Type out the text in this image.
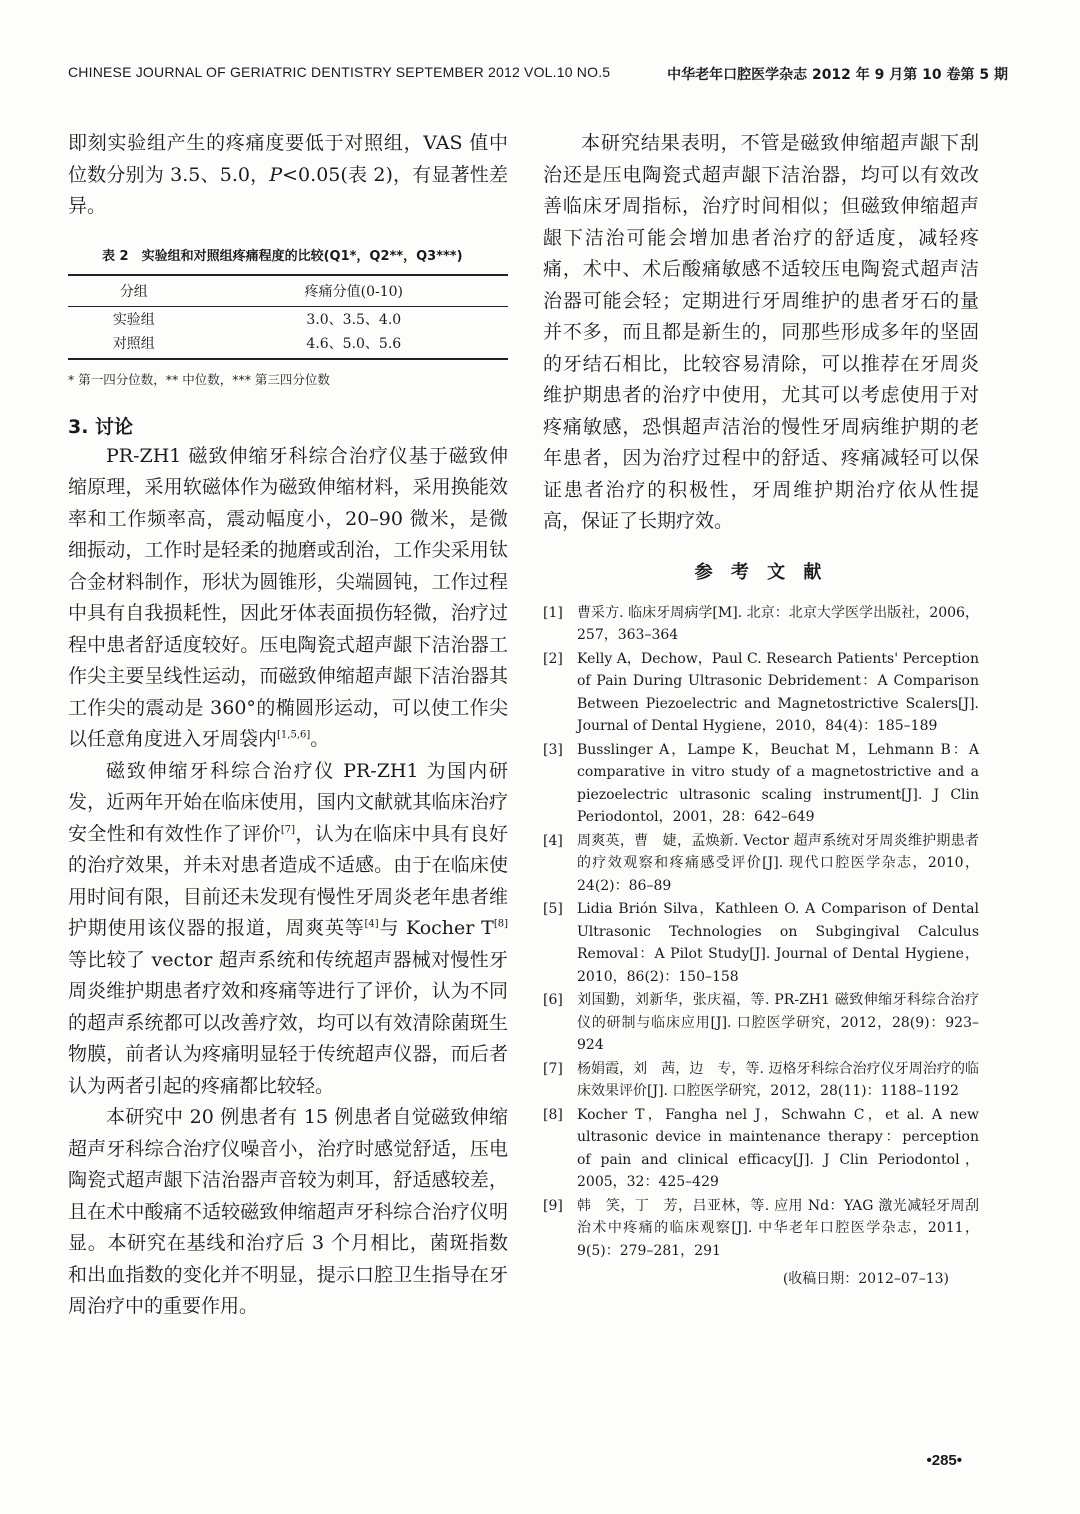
CHINESE JOURNAL OF GERIATRIC DENTISTRY SEPTEMBER 2012 VOL.10 NO.5	中华老年口腔医学杂志 2012 年 9 月第 10 卷第 5 期

即刻实验组产生的疼痛度要低于对照组，VAS 值中位数分别为 3.5、5.0，P<0.05(表 2)，有显著性差异。

表 2　实验组和对照组疼痛程度的比较(Q1*，Q2**，Q3***)
分组	疼痛分值(0-10)
实验组	3.0、3.5、4.0
对照组	4.6、5.0、5.6
* 第一四分位数，** 中位数，*** 第三四分位数
3. 讨论

PR-ZH1 磁致伸缩牙科综合治疗仪基于磁致伸缩原理，采用软磁体作为磁致伸缩材料，采用换能效率和工作频率高，震动幅度小，20–90 微米，是微细振动，工作时是轻柔的抛磨或刮治，工作尖采用钛合金材料制作，形状为圆锥形，尖端圆钝，工作过程中具有自我损耗性，因此牙体表面损伤轻微，治疗过程中患者舒适度较好。压电陶瓷式超声龈下洁治器工作尖主要呈线性运动，而磁致伸缩超声龈下洁治器其工作尖的震动是 360°的椭圆形运动，可以使工作尖以任意角度进入牙周袋内[1,5,6]。

磁致伸缩牙科综合治疗仪 PR-ZH1 为国内研发，近两年开始在临床使用，国内文献就其临床治疗安全性和有效性作了评价[7]，认为在临床中具有良好的治疗效果，并未对患者造成不适感。由于在临床使用时间有限，目前还未发现有慢性牙周炎老年患者维护期使用该仪器的报道，周爽英等[4]与 Kocher T[8]等比较了 vector 超声系统和传统超声器械对慢性牙周炎维护期患者疗效和疼痛等进行了评价，认为不同的超声系统都可以改善疗效，均可以有效清除菌斑生物膜，前者认为疼痛明显轻于传统超声仪器，而后者认为两者引起的疼痛都比较轻。

本研究中 20 例患者有 15 例患者自觉磁致伸缩超声牙科综合治疗仪噪音小，治疗时感觉舒适，压电陶瓷式超声龈下洁治器声音较为刺耳，舒适感较差，且在术中酸痛不适较磁致伸缩超声牙科综合治疗仪明显。本研究在基线和治疗后 3 个月相比，菌斑指数和出血指数的变化并不明显，提示口腔卫生指导在牙周治疗中的重要作用。

本研究结果表明，不管是磁致伸缩超声龈下刮治还是压电陶瓷式超声龈下洁治器，均可以有效改善临床牙周指标，治疗时间相似；但磁致伸缩超声龈下洁治可能会增加患者治疗的舒适度，减轻疼痛，术中、术后酸痛敏感不适较压电陶瓷式超声洁治器可能会轻；定期进行牙周维护的患者牙石的量并不多，而且都是新生的，同那些形成多年的坚固的牙结石相比，比较容易清除，可以推荐在牙周炎维护期患者的治疗中使用，尤其可以考虑使用于对疼痛敏感，恐惧超声洁治的慢性牙周病维护期的老年患者，因为治疗过程中的舒适、疼痛减轻可以保证患者治疗的积极性，牙周维护期治疗依从性提高，保证了长期疗效。

参 考 文 献
[1]	曹采方. 临床牙周病学[M]. 北京：北京大学医学出版社，2006，257，363–364
[2]	Kelly A，Dechow，Paul C. Research Patients' Perception of Pain During Ultrasonic Debridement：A Comparison Between Piezoelectric and Magnetostrictive Scalers[J]. Journal of Dental Hygiene，2010，84(4)：185–189
[3]	Busslinger A，Lampe K，Beuchat M，Lehmann B：A comparative in vitro study of a magnetostrictive and a piezoelectric ultrasonic scaling instrument[J]. J Clin Periodontol，2001，28：642–649
[4]	周爽英，曹　婕，孟焕新. Vector 超声系统对牙周炎维护期患者的疗效观察和疼痛感受评价[J]. 现代口腔医学杂志，2010，24(2)：86–89
[5]	Lidia Brión Silva，Kathleen O. A Comparison of Dental Ultrasonic Technologies on Subgingival Calculus Removal：A Pilot Study[J]. Journal of Dental Hygiene，2010，86(2)：150–158
[6]	刘国勤，刘新华，张庆福，等. PR-ZH1 磁致伸缩牙科综合治疗仪的研制与临床应用[J]. 口腔医学研究，2012，28(9)：923–924
[7]	杨娟霞，刘　茜，边　专，等. 迈格牙科综合治疗仪牙周治疗的临床效果评价[J]. 口腔医学研究，2012，28(11)：1188–1192
[8]	Kocher T，Fangha nel J，Schwahn C，et al. A new ultrasonic device in maintenance therapy：perception of pain and clinical efficacy[J]. J Clin Periodontol，2005，32：425–429
[9]	韩　笑，丁　芳，吕亚林，等. 应用 Nd：YAG 激光减轻牙周刮治术中疼痛的临床观察[J]. 中华老年口腔医学杂志，2011，9(5)：279–281，291
(收稿日期：2012–07–13)
•285•
